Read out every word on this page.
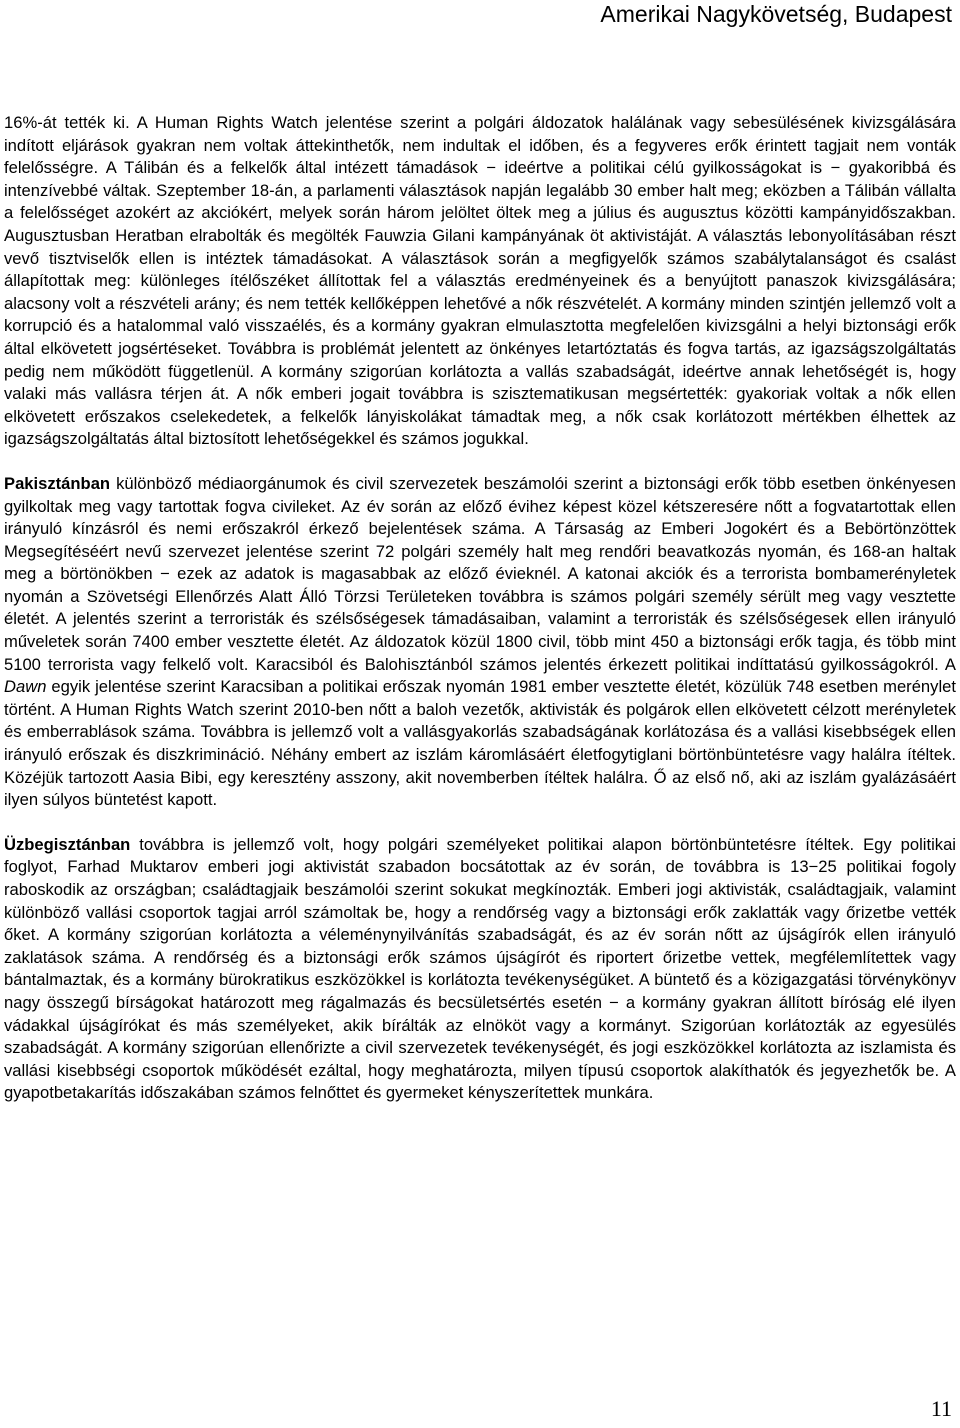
Amerikai Nagykövetség, Budapest

16%-át tették ki. A Human Rights Watch jelentése szerint a polgári áldozatok halálának vagy sebesülésének kivizsgálására indított eljárások gyakran nem voltak áttekinthetők, nem indultak el időben, és a fegyveres erők érintett tagjait nem vonták felelősségre. A Tálibán és a felkelők által intézett támadások − ideértve a politikai célú gyilkosságokat is − gyakoribbá és intenzívebbé váltak. Szeptember 18-án, a parlamenti választások napján legalább 30 ember halt meg; eközben a Tálibán vállalta a felelősséget azokért az akciókért, melyek során három jelöltet öltek meg a július és augusztus közötti kampányidőszakban. Augusztusban Heratban elrabolták és megölték Fauwzia Gilani kampányának öt aktivistáját. A választás lebonyolításában részt vevő tisztviselők ellen is intéztek támadásokat. A választások során a megfigyelők számos szabálytalanságot és csalást állapítottak meg: különleges ítélőszéket állítottak fel a választás eredményeinek és a benyújtott panaszok kivizsgálására; alacsony volt a részvételi arány; és nem tették kellőképpen lehetővé a nők részvételét. A kormány minden szintjén jellemző volt a korrupció és a hatalommal való visszaélés, és a kormány gyakran elmulasztotta megfelelően kivizsgálni a helyi biztonsági erők által elkövetett jogsértéseket. Továbbra is problémát jelentett az önkényes letartóztatás és fogva tartás, az igazságszolgáltatás pedig nem működött függetlenül. A kormány szigorúan korlátozta a vallás szabadságát, ideértve annak lehetőségét is, hogy valaki más vallásra térjen át. A nők emberi jogait továbbra is szisztematikusan megsértették: gyakoriak voltak a nők ellen elkövetett erőszakos cselekedetek, a felkelők lányiskolákat támadtak meg, a nők csak korlátozott mértékben élhettek az igazságszolgáltatás által biztosított lehetőségekkel és számos jogukkal.

Pakisztánban különböző médiaorgánumok és civil szervezetek beszámolói szerint a biztonsági erők több esetben önkényesen gyilkoltak meg vagy tartottak fogva civileket. Az év során az előző évihez képest közel kétszeresére nőtt a fogvatartottak ellen irányuló kínzásról és nemi erőszakról érkező bejelentések száma. A Társaság az Emberi Jogokért és a Bebörtönzöttek Megsegítéséért nevű szervezet jelentése szerint 72 polgári személy halt meg rendőri beavatkozás nyomán, és 168-an haltak meg a börtönökben − ezek az adatok is magasabbak az előző évieknél. A katonai akciók és a terrorista bombamerényletek nyomán a Szövetségi Ellenőrzés Alatt Álló Törzsi Területeken továbbra is számos polgári személy sérült meg vagy vesztette életét. A jelentés szerint a terroristák és szélsőségesek támadásaiban, valamint a terroristák és szélsőségesek ellen irányuló műveletek során 7400 ember vesztette életét. Az áldozatok közül 1800 civil, több mint 450 a biztonsági erők tagja, és több mint 5100 terrorista vagy felkelő volt. Karacsiból és Balohisztánból számos jelentés érkezett politikai indíttatású gyilkosságokról. A Dawn egyik jelentése szerint Karacsiban a politikai erőszak nyomán 1981 ember vesztette életét, közülük 748 esetben merénylet történt. A Human Rights Watch szerint 2010-ben nőtt a baloh vezetők, aktivisták és polgárok ellen elkövetett célzott merényletek és emberrablások száma. Továbbra is jellemző volt a vallásgyakorlás szabadságának korlátozása és a vallási kisebbségek ellen irányuló erőszak és diszkrimináció. Néhány embert az iszlám káromlásáért életfogytiglani börtönbüntetésre vagy halálra ítéltek. Közéjük tartozott Aasia Bibi, egy keresztény asszony, akit novemberben ítéltek halálra. Ő az első nő, aki az iszlám gyalázásáért ilyen súlyos büntetést kapott.

Üzbegisztánban továbbra is jellemző volt, hogy polgári személyeket politikai alapon börtönbüntetésre ítéltek. Egy politikai foglyot, Farhad Muktarov emberi jogi aktivistát szabadon bocsátottak az év során, de továbbra is 13−25 politikai fogoly raboskodik az országban; családtagjaik beszámolói szerint sokukat megkínozták. Emberi jogi aktivisták, családtagjaik, valamint különböző vallási csoportok tagjai arról számoltak be, hogy a rendőrség vagy a biztonsági erők zaklatták vagy őrizetbe vették őket. A kormány szigorúan korlátozta a véleménynyilvánítás szabadságát, és az év során nőtt az újságírók ellen irányuló zaklatások száma. A rendőrség és a biztonsági erők számos újságírót és riportert őrizetbe vettek, megfélemlítettek vagy bántalmaztak, és a kormány bürokratikus eszközökkel is korlátozta tevékenységüket. A büntető és a közigazgatási törvénykönyv nagy összegű bírságokat határozott meg rágalmazás és becsületsértés esetén − a kormány gyakran állított bíróság elé ilyen vádakkal újságírókat és más személyeket, akik bírálták az elnököt vagy a kormányt. Szigorúan korlátozták az egyesülés szabadságát. A kormány szigorúan ellenőrizte a civil szervezetek tevékenységét, és jogi eszközökkel korlátozta az iszlamista és vallási kisebbségi csoportok működését ezáltal, hogy meghatározta, milyen típusú csoportok alakíthatók és jegyezhetők be. A gyapotbetakarítás időszakában számos felnőttet és gyermeket kényszerítettek munkára.

11
